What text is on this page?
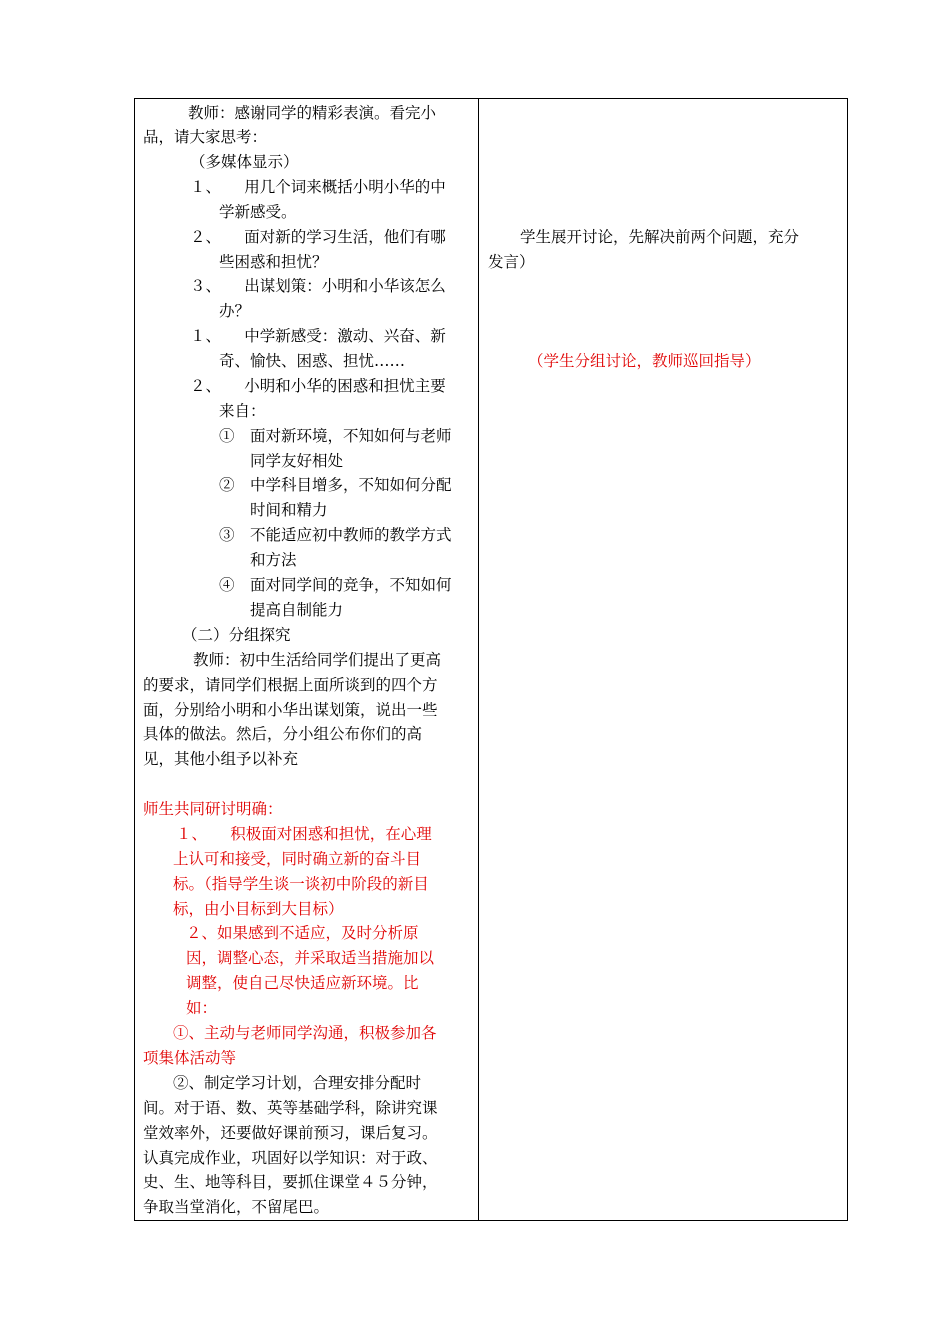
教师：感谢同学的精彩表演。看完小
品，请大家思考：
（多媒体显示）
１、　　用几个词来概括小明小华的中
学新感受。
２、　　面对新的学习生活，他们有哪
些困惑和担忧？
３、　　出谋划策：小明和小华该怎么
办？
１、　　中学新感受：激动、兴奋、新
奇、愉快、困惑、担忧……
２、　　小明和小华的困惑和担忧主要
来自：
①　面对新环境，不知如何与老师
同学友好相处
②　中学科目增多，不知如何分配
时间和精力
③　不能适应初中教师的教学方式
和方法
④　面对同学间的竞争，不知如何
提高自制能力
（二）分组探究
教师：初中生活给同学们提出了更高
的要求，请同学们根据上面所谈到的四个方
面，分别给小明和小华出谋划策，说出一些
具体的做法。然后，分小组公布你们的高
见，其他小组予以补充
师生共同研讨明确：
１、　　积极面对困惑和担忧，在心理
上认可和接受，同时确立新的奋斗目
标。（指导学生谈一谈初中阶段的新目
标，由小目标到大目标）
２、如果感到不适应，及时分析原
因，调整心态，并采取适当措施加以
调整，使自己尽快适应新环境。比
如：
①、主动与老师同学沟通，积极参加各
项集体活动等
②、制定学习计划，合理安排分配时
间。对于语、数、英等基础学科，除讲究课
堂效率外，还要做好课前预习，课后复习。
认真完成作业，巩固好以学知识：对于政、
史、生、地等科目，要抓住课堂４５分钟，
争取当堂消化，不留尾巴。
学生展开讨论，先解决前两个问题，充分
发言）
（学生分组讨论，教师巡回指导）
